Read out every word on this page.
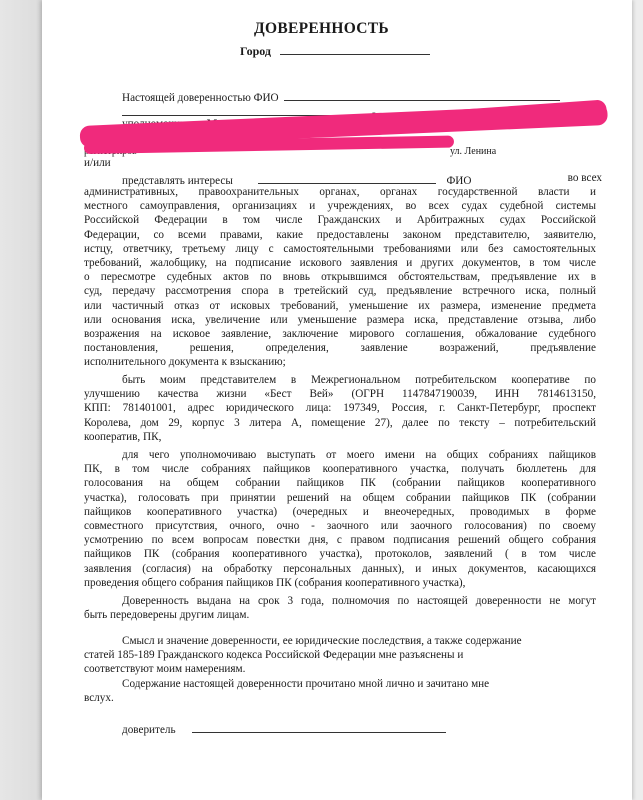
ДОВЕРЕННОСТЬ
Город
Настоящей доверенностью ФИО
ул. Ленина
и/или
представлять интересы	ФИО	во всех
административных, правоохранительных органах, органах государственной власти и
местного самоуправления, организациях и учреждениях, во всех судах судебной системы
Российской Федерации в том числе Гражданских и Арбитражных судах Российской
Федерации, со всеми правами, какие предоставлены законом представителю, заявителю,
истцу, ответчику, третьему лицу с самостоятельными требованиями или без самостоятельных
требований, жалобщику, на подписание искового заявления и других документов, в том числе
о пересмотре судебных актов по вновь открывшимся обстоятельствам, предъявление их в
суд, передачу рассмотрения спора в третейский суд, предъявление встречного иска, полный
или частичный отказ от исковых требований, уменьшение их размера, изменение предмета
или основания иска, увеличение или уменьшение размера иска, представление отзыва, либо
возражения на исковое заявление, заключение мирового соглашения, обжалование судебного
постановления, решения, определения, заявление возражений, предъявление
исполнительного документа к взысканию;
быть моим представителем в Межрегиональном потребительском кооперативе по
улучшению качества жизни «Бест Вей» (ОГРН 1147847190039, ИНН 7814613150,
КПП: 781401001, адрес юридического лица: 197349, Россия, г. Санкт-Петербург, проспект
Королева, дом 29, корпус 3 литера А, помещение 27), далее по тексту – потребительский
кооператив, ПК,
для чего уполномочиваю выступать от моего имени на общих собраниях пайщиков
ПК, в том числе собраниях пайщиков кооперативного участка, получать бюллетень для
голосования на общем собрании пайщиков ПК (собрании пайщиков кооперативного
участка), голосовать при принятии решений на общем собрании пайщиков ПК (собрании
пайщиков кооперативного участка) (очередных и внеочередных, проводимых в форме
совместного присутствия, очного, очно - заочного или заочного голосования) по своему
усмотрению по всем вопросам повестки дня, с правом подписания решений общего собрания
пайщиков ПК (собрания кооперативного участка), протоколов, заявлений ( в том числе
заявления (согласия) на обработку персональных данных), и иных документов, касающихся
проведения общего собрания пайщиков ПК (собрания кооперативного участка),
Доверенность выдана на срок 3 года, полномочия по настоящей доверенности не могут
быть передоверены другим лицам.
Смысл и значение доверенности, ее юридические последствия, а также содержание
статей 185-189 Гражданского кодекса Российской Федерации мне разъяснены и
соответствуют моим намерениям.
Содержание настоящей доверенности прочитано мной лично и зачитано мне
вслух.
доверитель
